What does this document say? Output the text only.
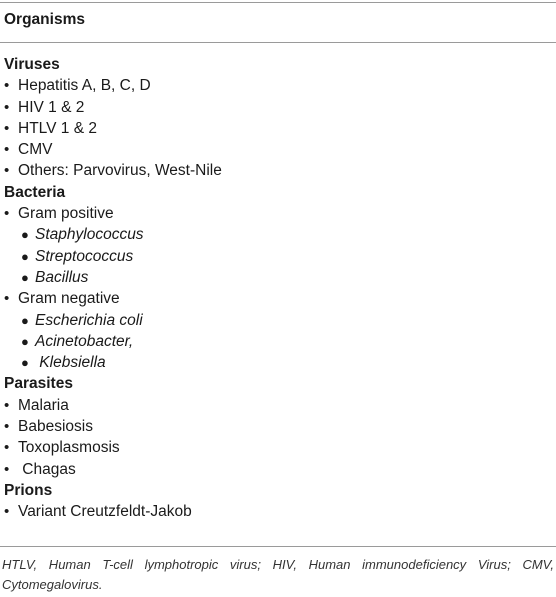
Organisms
Viruses
• Hepatitis A, B, C, D
• HIV 1 & 2
• HTLV 1 & 2
• CMV
• Others: Parvovirus, West-Nile
Bacteria
• Gram positive
● Staphylococcus
● Streptococcus
● Bacillus
• Gram negative
● Escherichia coli
● Acinetobacter,
● Klebsiella
Parasites
• Malaria
• Babesiosis
• Toxoplasmosis
• Chagas
Prions
• Variant Creutzfeldt-Jakob
HTLV, Human T-cell lymphotropic virus; HIV, Human immunodeficiency Virus; CMV, Cytomegalovirus.
